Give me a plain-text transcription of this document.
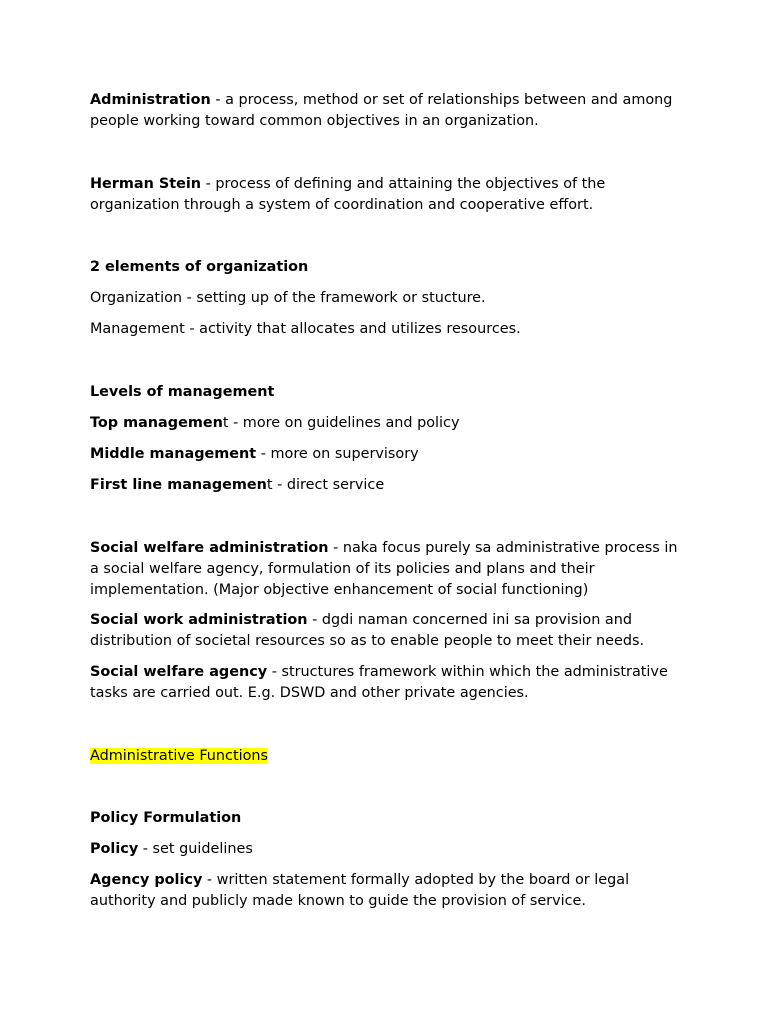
Administration - a process, method or set of relationships between and among people working toward common objectives in an organization.

Herman Stein - process of defining and attaining the objectives of the organization through a system of coordination and cooperative effort.

2 elements of organization

Organization - setting up of the framework or stucture.

Management - activity that allocates and utilizes resources.

Levels of management

Top management - more on guidelines and policy

Middle management - more on supervisory

First line management - direct service

Social welfare administration - naka focus purely sa administrative process in a social welfare agency, formulation of its policies and plans and their implementation. (Major objective enhancement of social functioning)

Social work administration - dgdi naman concerned ini sa provision and distribution of societal resources so as to enable people to meet their needs.

Social welfare agency - structures framework within which the administrative tasks are carried out. E.g. DSWD and other private agencies.

Administrative Functions

Policy Formulation

Policy - set guidelines

Agency policy - written statement formally adopted by the board or legal authority and publicly made known to guide the provision of service.
